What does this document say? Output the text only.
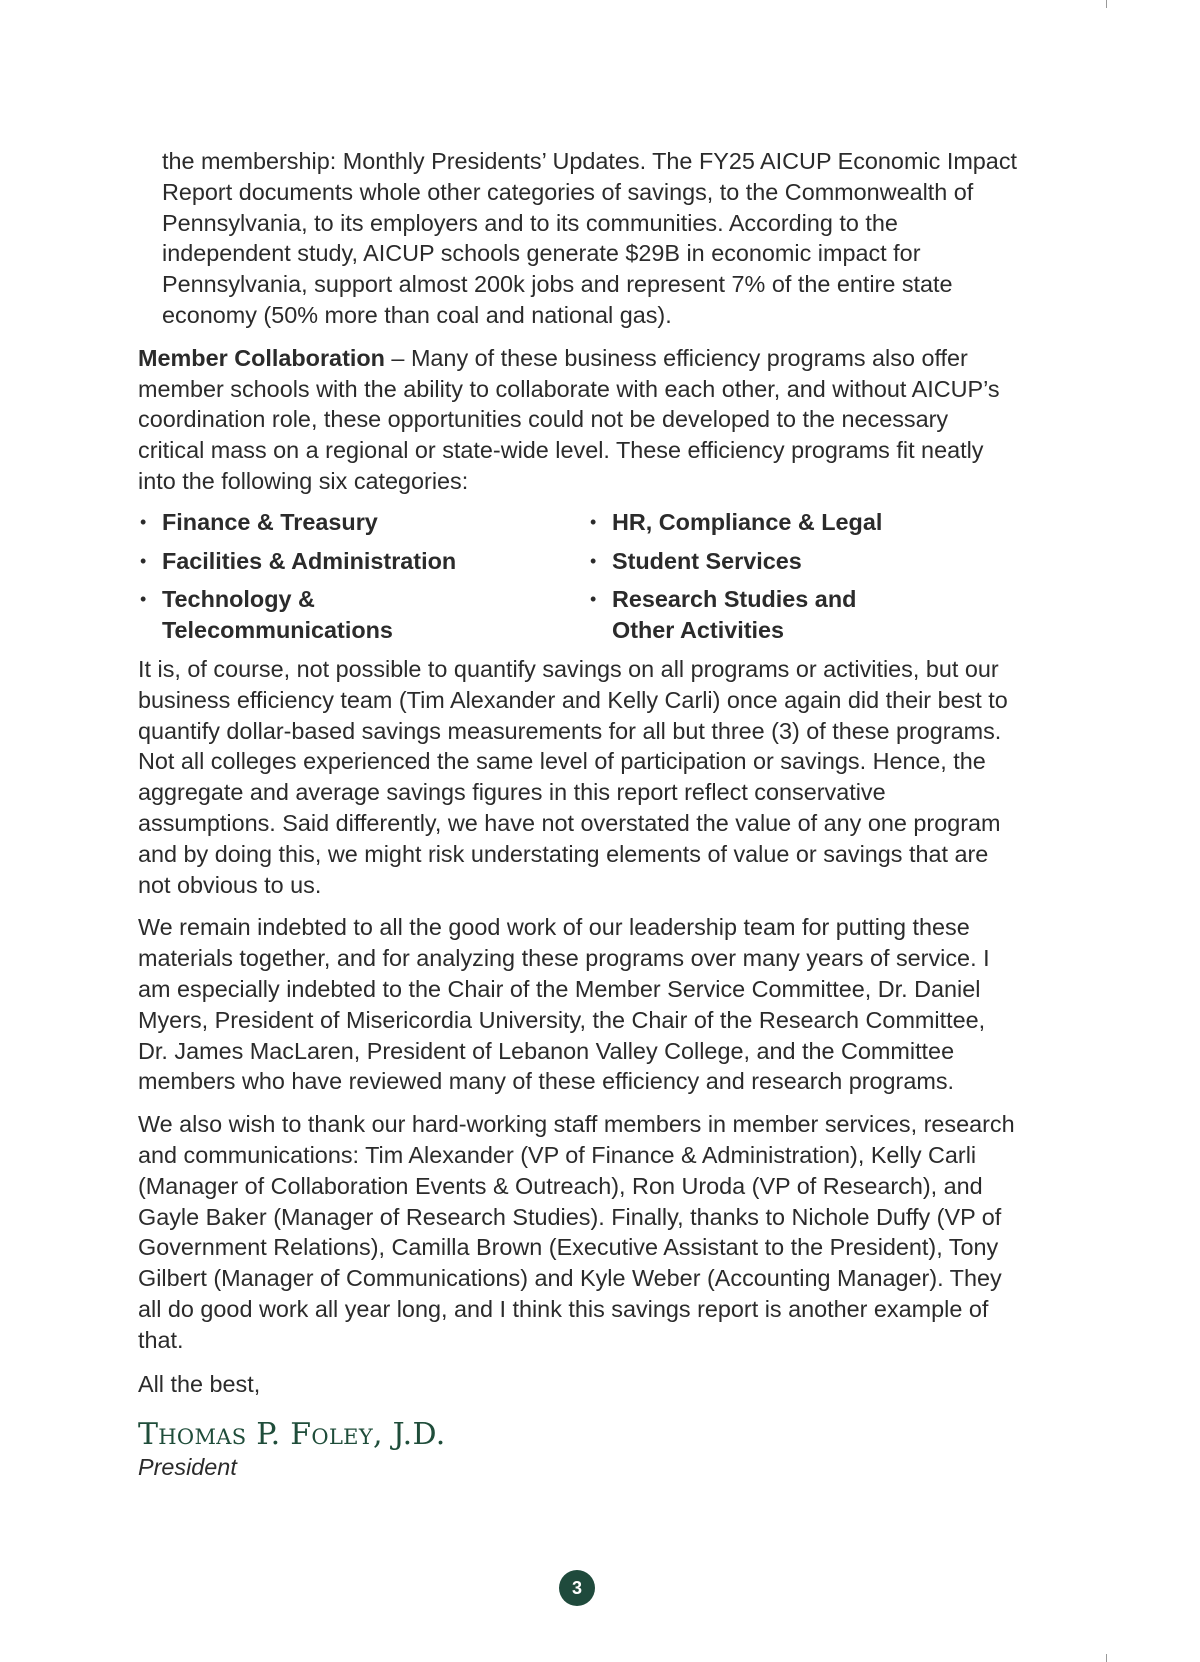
the membership: Monthly Presidents’ Updates. The FY25 AICUP Economic Impact Report documents whole other categories of savings, to the Commonwealth of Pennsylvania, to its employers and to its communities. According to the independent study, AICUP schools generate $29B in economic impact for Pennsylvania, support almost 200k jobs and represent 7% of the entire state economy (50% more than coal and national gas).

Member Collaboration – Many of these business efficiency programs also offer member schools with the ability to collaborate with each other, and without AICUP’s coordination role, these opportunities could not be developed to the necessary critical mass on a regional or state-wide level. These efficiency programs fit neatly into the following six categories:

• Finance & Treasury	• HR, Compliance & Legal
• Facilities & Administration	• Student Services
• Technology & Telecommunications
• Research Studies and Other Activities

It is, of course, not possible to quantify savings on all programs or activities, but our business efficiency team (Tim Alexander and Kelly Carli) once again did their best to quantify dollar-based savings measurements for all but three (3) of these programs. Not all colleges experienced the same level of participation or savings. Hence, the aggregate and average savings figures in this report reflect conservative assumptions. Said differently, we have not overstated the value of any one program and by doing this, we might risk understating elements of value or savings that are not obvious to us.

We remain indebted to all the good work of our leadership team for putting these materials together, and for analyzing these programs over many years of service. I am especially indebted to the Chair of the Member Service Committee, Dr. Daniel Myers, President of Misericordia University, the Chair of the Research Committee, Dr. James MacLaren, President of Lebanon Valley College, and the Committee members who have reviewed many of these efficiency and research programs.

We also wish to thank our hard-working staff members in member services, research and communications: Tim Alexander (VP of Finance & Administration), Kelly Carli (Manager of Collaboration Events & Outreach), Ron Uroda (VP of Research), and Gayle Baker (Manager of Research Studies). Finally, thanks to Nichole Duffy (VP of Government Relations), Camilla Brown (Executive Assistant to the President), Tony Gilbert (Manager of Communications) and Kyle Weber (Accounting Manager). They all do good work all year long, and I think this savings report is another example of that.

All the best,

Thomas P. Foley, J.D.
President
3
